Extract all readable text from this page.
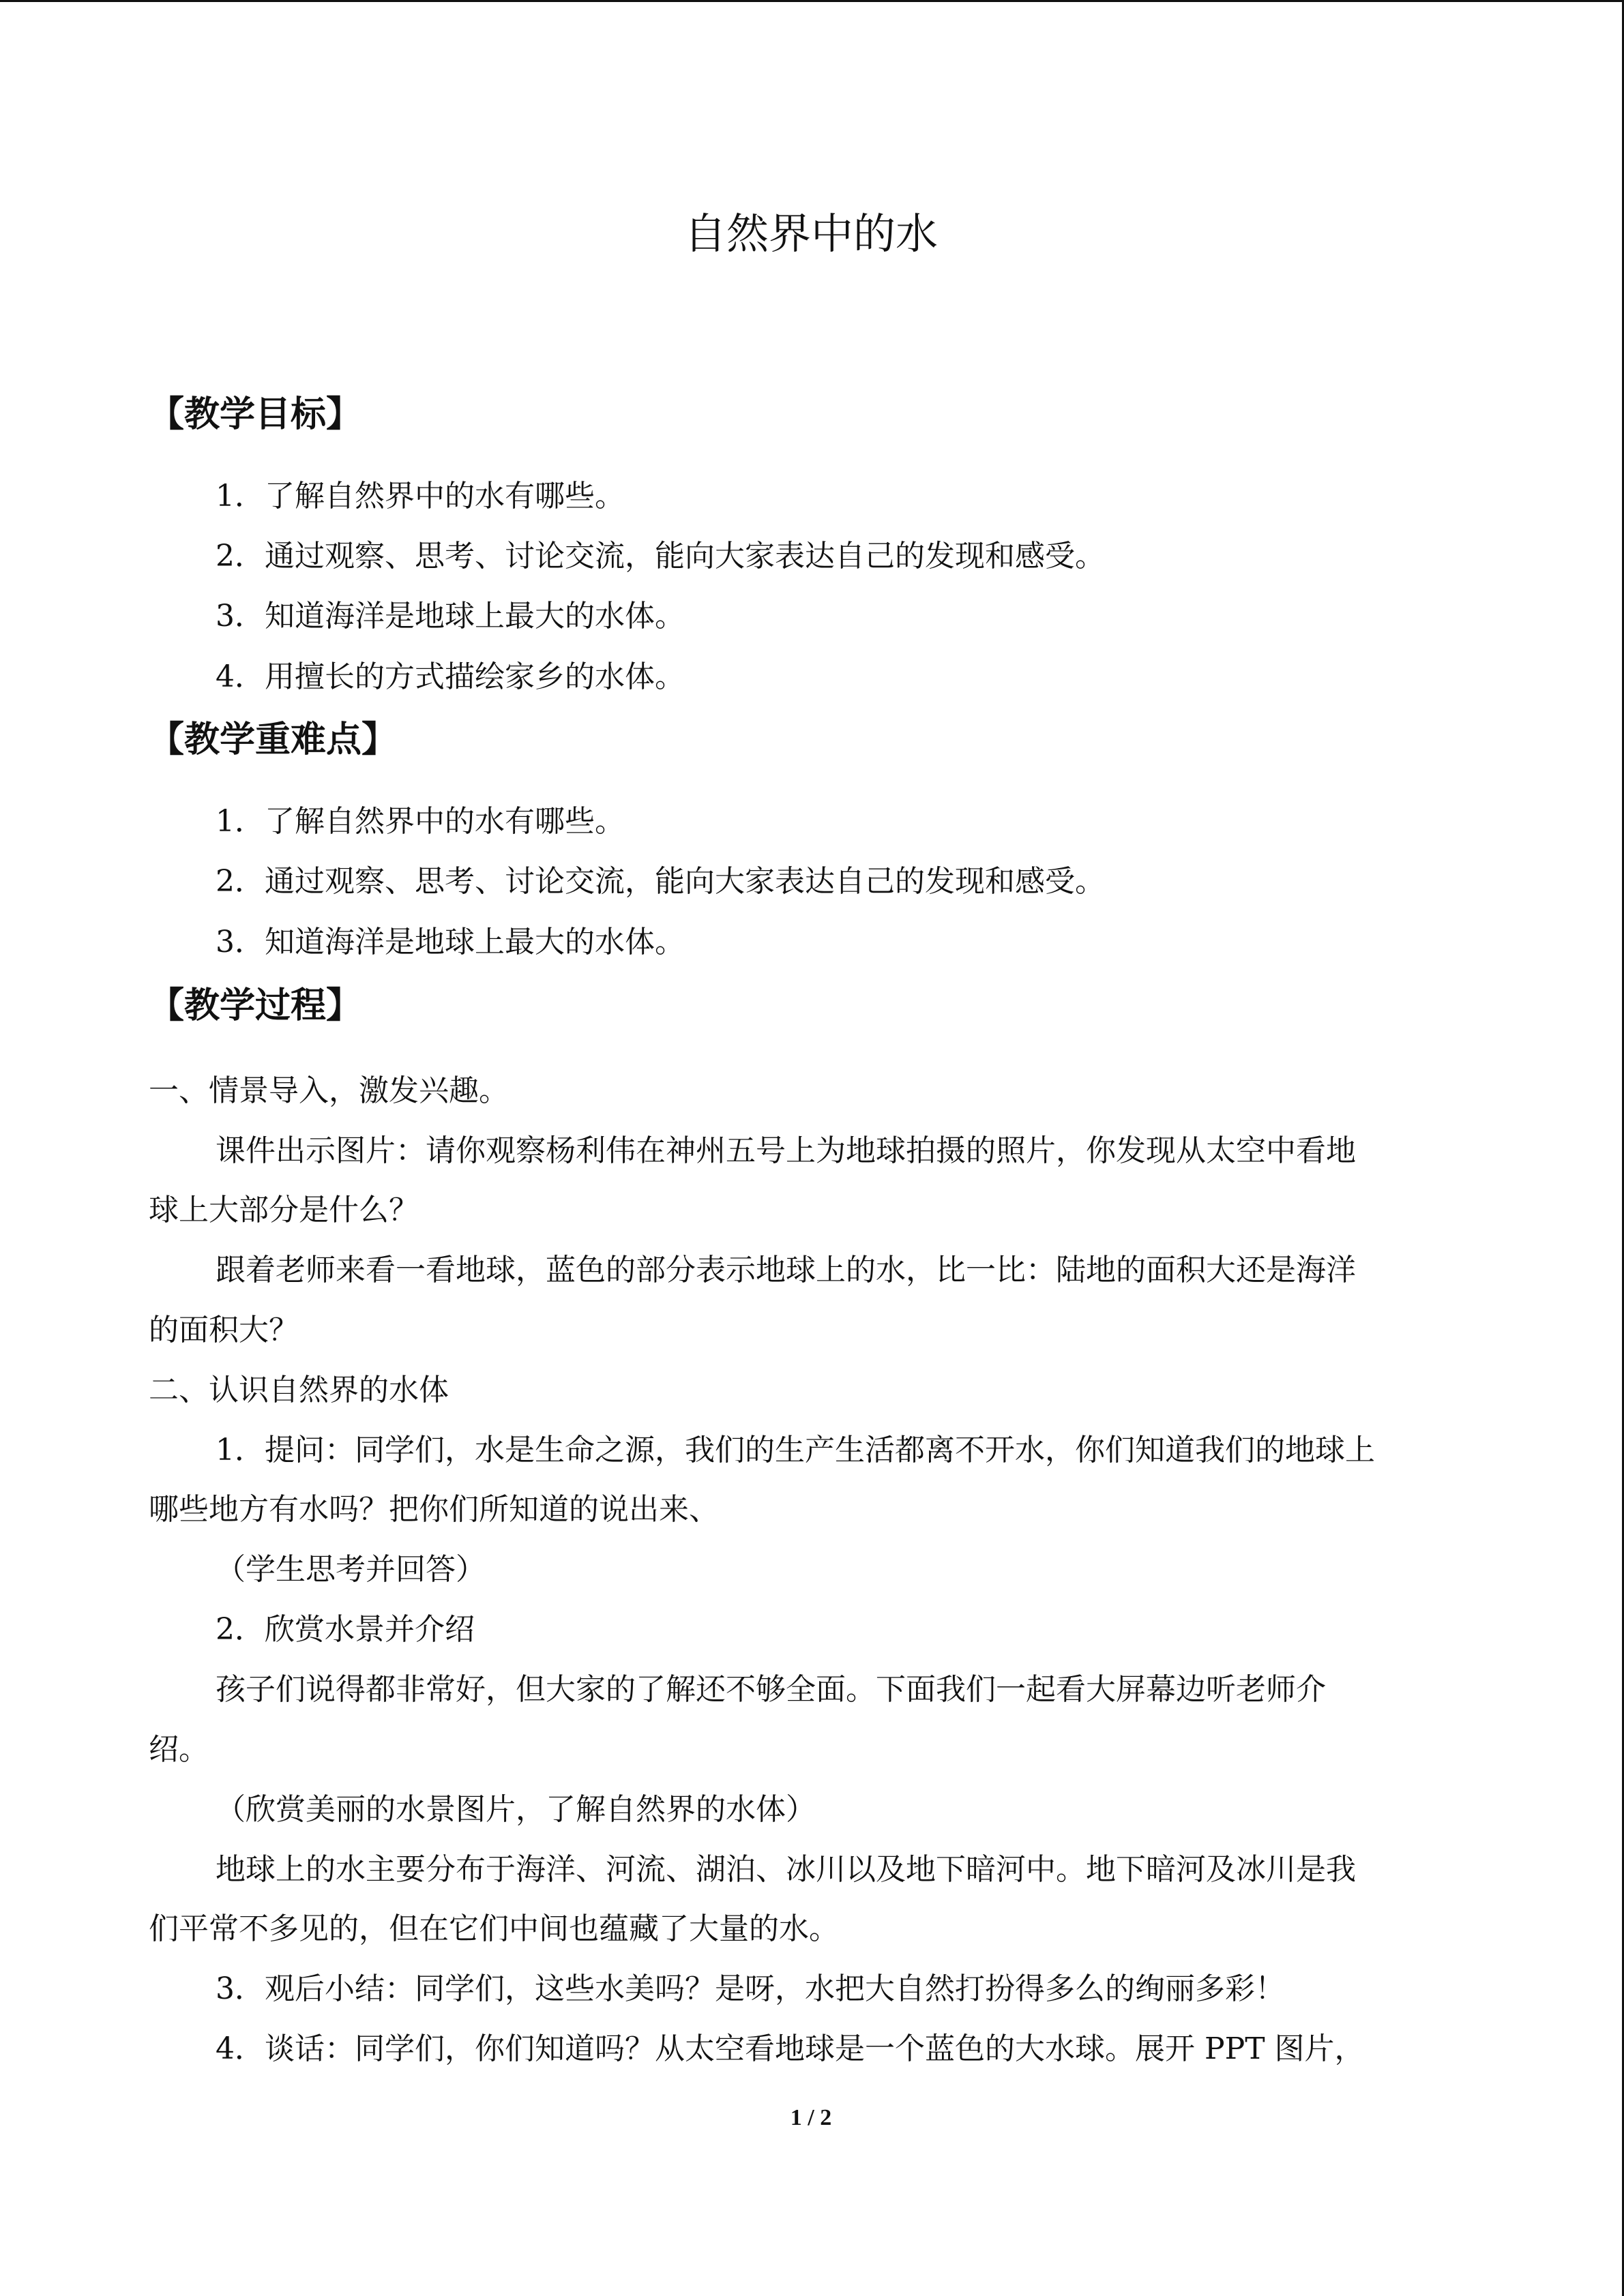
自然界中的水
【教学目标】
1．了解自然界中的水有哪些。
2．通过观察、思考、讨论交流，能向大家表达自己的发现和感受。
3．知道海洋是地球上最大的水体。
4．用擅长的方式描绘家乡的水体。
【教学重难点】
1．了解自然界中的水有哪些。
2．通过观察、思考、讨论交流，能向大家表达自己的发现和感受。
3．知道海洋是地球上最大的水体。
【教学过程】
一、情景导入，激发兴趣。
课件出示图片：请你观察杨利伟在神州五号上为地球拍摄的照片，你发现从太空中看地
球上大部分是什么？
跟着老师来看一看地球，蓝色的部分表示地球上的水，比一比：陆地的面积大还是海洋
的面积大？
二、认识自然界的水体
1．提问：同学们，水是生命之源，我们的生产生活都离不开水，你们知道我们的地球上
哪些地方有水吗？把你们所知道的说出来、
（学生思考并回答）
2．欣赏水景并介绍
孩子们说得都非常好，但大家的了解还不够全面。下面我们一起看大屏幕边听老师介
绍。
（欣赏美丽的水景图片，了解自然界的水体）
地球上的水主要分布于海洋、河流、湖泊、冰川以及地下暗河中。地下暗河及冰川是我
们平常不多见的，但在它们中间也蕴藏了大量的水。
3．观后小结：同学们，这些水美吗？是呀，水把大自然打扮得多么的绚丽多彩！
4．谈话：同学们，你们知道吗？从太空看地球是一个蓝色的大水球。展开 PPT 图片，
1 / 2
